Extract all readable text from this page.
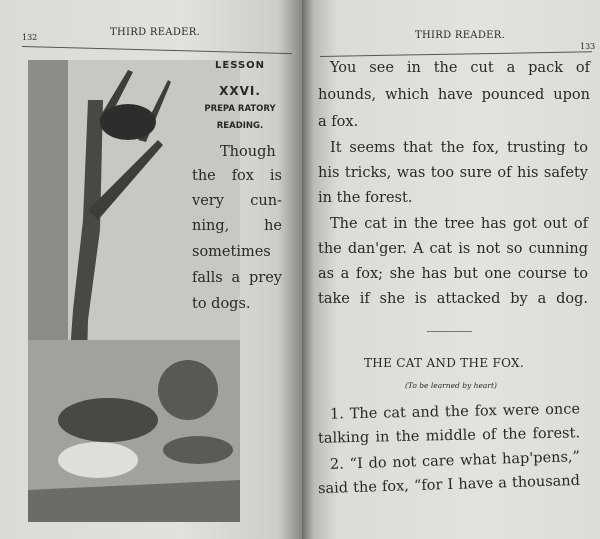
132	THIRD READER.
LESSON
XXVI.
PREPA RATORY
READING.
Though
the fox is
very cun-
ning, he
sometimes
falls a prey
to dogs.
THIRD READER.
133
You see in the cut a pack of
hounds, which have pounced upon
a fox.
It seems that the fox, trusting to
his tricks, was too sure of his safety
in the forest.
The cat in the tree has got out of
the dan'ger. A cat is not so cunning
as a fox; she has but one course to
take if she is attacked by a dog.
THE CAT AND THE FOX.
(To be learned by heart)
1. The cat and the fox were once
talking in the middle of the forest.
2. “I do not care what hap'pens,”
said the fox, “for I have a thousand
